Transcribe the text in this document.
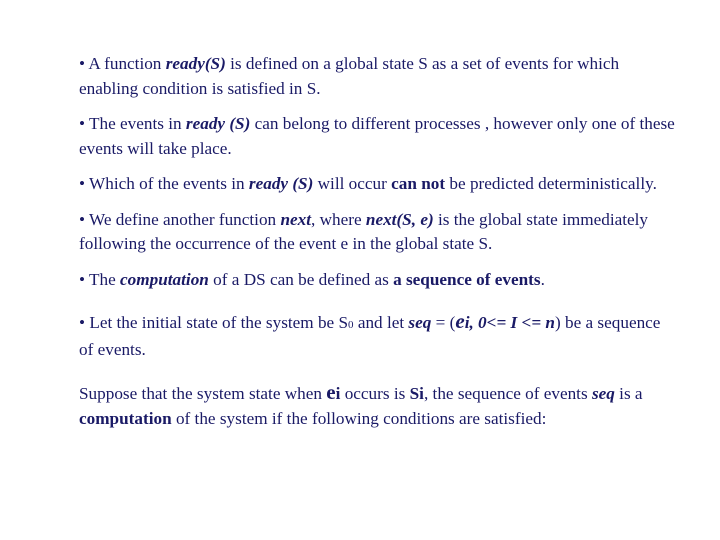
• A function ready(S) is defined on a global state S as a set of events for which enabling condition is satisfied in S.

• The events in ready (S) can belong to different processes , however only one of these events will take place.

• Which of the events in ready (S) will occur can not be predicted deterministically.

• We define another function next, where next(S, e) is the global state immediately following the occurrence of the event e in the global state S.

• The computation of a DS can be defined as a sequence of events.

• Let the initial state of the system be S0 and let seq = (ei, 0<= I <= n) be a sequence of events.

Suppose that the system state when ei occurs is Si, the sequence of events seq is a computation of the system if the following conditions are satisfied:
